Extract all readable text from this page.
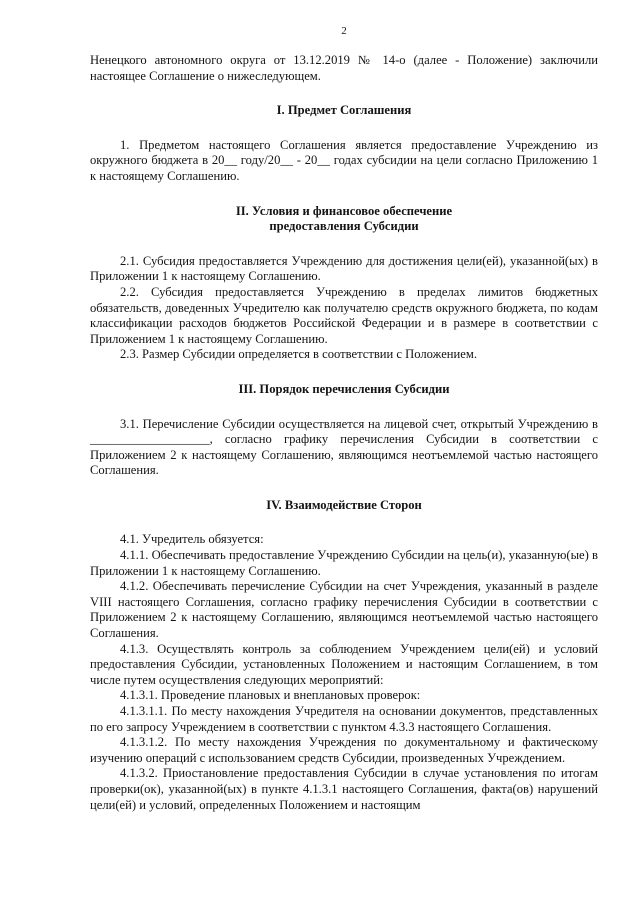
2

Ненецкого автономного округа от 13.12.2019 № 14-о (далее - Положение) заключили настоящее Соглашение о нижеследующем.

I. Предмет Соглашения

1. Предметом настоящего Соглашения является предоставление Учреждению из окружного бюджета в 20__ году/20__ - 20__ годах субсидии на цели согласно Приложению 1 к настоящему Соглашению.

II. Условия и финансовое обеспечение
предоставления Субсидии

2.1. Субсидия предоставляется Учреждению для достижения цели(ей), указанной(ых) в Приложении 1 к настоящему Соглашению.

2.2. Субсидия предоставляется Учреждению в пределах лимитов бюджетных обязательств, доведенных Учредителю как получателю средств окружного бюджета, по кодам классификации расходов бюджетов Российской Федерации и в размере в соответствии с Приложением 1 к настоящему Соглашению.

2.3. Размер Субсидии определяется в соответствии с Положением.

III. Порядок перечисления Субсидии

3.1. Перечисление Субсидии осуществляется на лицевой счет, открытый Учреждению в ___________________, согласно графику перечисления Субсидии в соответствии с Приложением 2 к настоящему Соглашению, являющимся неотъемлемой частью настоящего Соглашения.

IV. Взаимодействие Сторон

4.1. Учредитель обязуется:

4.1.1. Обеспечивать предоставление Учреждению Субсидии на цель(и), указанную(ые) в Приложении 1 к настоящему Соглашению.

4.1.2. Обеспечивать перечисление Субсидии на счет Учреждения, указанный в разделе VIII настоящего Соглашения, согласно графику перечисления Субсидии в соответствии с Приложением 2 к настоящему Соглашению, являющимся неотъемлемой частью настоящего Соглашения.

4.1.3. Осуществлять контроль за соблюдением Учреждением цели(ей) и условий предоставления Субсидии, установленных Положением и настоящим Соглашением, в том числе путем осуществления следующих мероприятий:

4.1.3.1. Проведение плановых и внеплановых проверок:

4.1.3.1.1. По месту нахождения Учредителя на основании документов, представленных по его запросу Учреждением в соответствии с пунктом 4.3.3 настоящего Соглашения.

4.1.3.1.2. По месту нахождения Учреждения по документальному и фактическому изучению операций с использованием средств Субсидии, произведенных Учреждением.

4.1.3.2. Приостановление предоставления Субсидии в случае установления по итогам проверки(ок), указанной(ых) в пункте 4.1.3.1 настоящего Соглашения, факта(ов) нарушений цели(ей) и условий, определенных Положением и настоящим
